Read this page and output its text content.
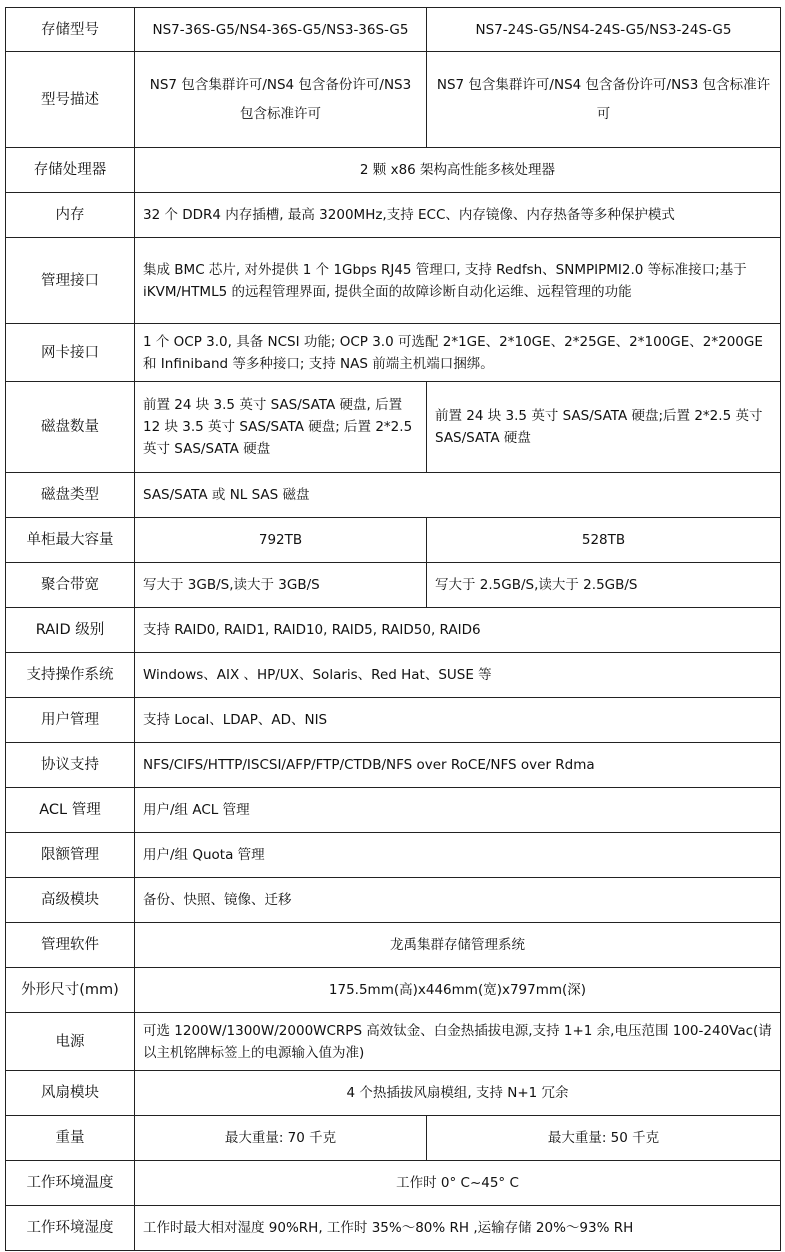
存储型号	NS7-36S-G5/NS4-36S-G5/NS3-36S-G5	NS7-24S-G5/NS4-24S-G5/NS3-24S-G5
型号描述	NS7 包含集群许可/NS4 包含备份许可/NS3 包含标准许可	NS7 包含集群许可/NS4 包含备份许可/NS3 包含标准许可
存储处理器	2 颗 x86 架构高性能多核处理器	
内存	32 个 DDR4 内存插槽, 最高 3200MHz,支持 ECC、内存镜像、内存热备等多种保护模式	
管理接口	集成 BMC 芯片, 对外提供 1 个 1Gbps RJ45 管理口, 支持 Redfsh、SNMPIPMI2.0 等标准接口;基于 iKVM/HTML5 的远程管理界面, 提供全面的故障诊断自动化运维、远程管理的功能	
网卡接口	1 个 OCP 3.0, 具备 NCSI 功能; OCP 3.0 可选配 2*1GE、2*10GE、2*25GE、2*100GE、2*200GE 和 Infiniband 等多种接口; 支持 NAS 前端主机端口捆绑。	
磁盘数量	前置 24 块 3.5 英寸 SAS/SATA 硬盘, 后置 12 块 3.5 英寸 SAS/SATA 硬盘; 后置 2*2.5 英寸 SAS/SATA 硬盘	前置 24 块 3.5 英寸 SAS/SATA 硬盘;后置 2*2.5 英寸 SAS/SATA 硬盘
磁盘类型	SAS/SATA 或 NL SAS 磁盘	
单柜最大容量	792TB	528TB
聚合带宽	写大于 3GB/S,读大于 3GB/S	写大于 2.5GB/S,读大于 2.5GB/S
RAID 级别	支持 RAID0, RAID1, RAID10, RAID5, RAID50, RAID6	
支持操作系统	Windows、AIX 、HP/UX、Solaris、Red Hat、SUSE 等	
用户管理	支持 Local、LDAP、AD、NIS	
协议支持	NFS/CIFS/HTTP/ISCSI/AFP/FTP/CTDB/NFS over RoCE/NFS over Rdma	
ACL 管理	用户/组 ACL 管理	
限额管理	用户/组 Quota 管理	
高级模块	备份、快照、镜像、迁移	
管理软件	龙禹集群存储管理系统	
外形尺寸(mm)	175.5mm(高)x446mm(宽)x797mm(深)	
电源	可选 1200W/1300W/2000WCRPS 高效钛金、白金热插拔电源,支持 1+1 余,电压范围 100-240Vac(请以主机铭牌标签上的电源输入值为准)	
风扇模块	4 个热插拔风扇模组, 支持 N+1 冗余	
重量	最大重量: 70 千克	最大重量: 50 千克
工作环境温度	工作时 0° C~45° C	
工作环境湿度	工作时最大相对湿度 90%RH, 工作时 35%～80% RH ,运输存储 20%～93% RH	
